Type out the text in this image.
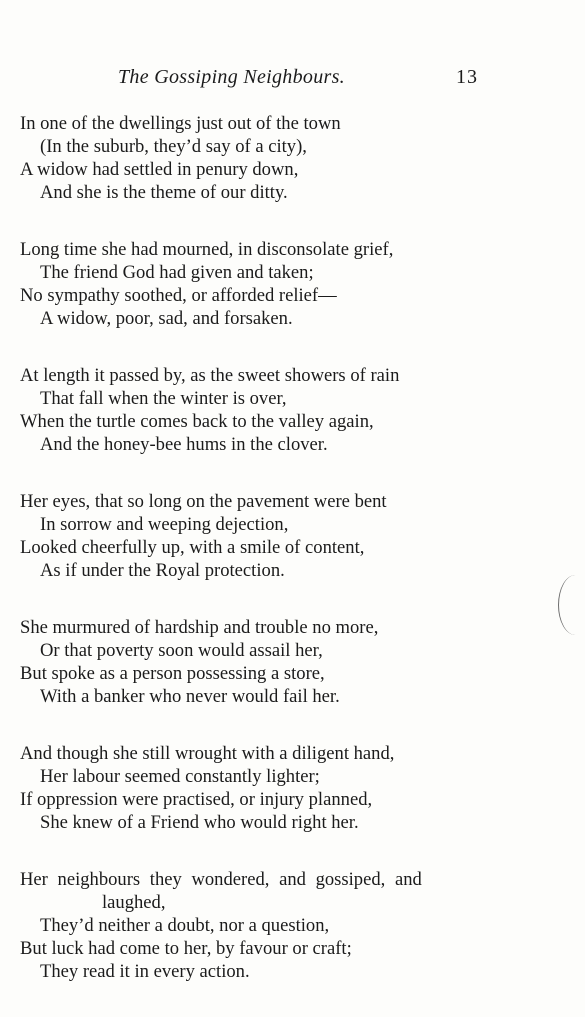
The Gossiping Neighbours.	13
In one of the dwellings just out of the town
(In the suburb, they’d say of a city),
A widow had settled in penury down,
And she is the theme of our ditty.
Long time she had mourned, in disconsolate grief,
The friend God had given and taken;
No sympathy soothed, or afforded relief—
A widow, poor, sad, and forsaken.
At length it passed by, as the sweet showers of rain
That fall when the winter is over,
When the turtle comes back to the valley again,
And the honey-bee hums in the clover.
Her eyes, that so long on the pavement were bent
In sorrow and weeping dejection,
Looked cheerfully up, with a smile of content,
As if under the Royal protection.
She murmured of hardship and trouble no more,
Or that poverty soon would assail her,
But spoke as a person possessing a store,
With a banker who never would fail her.
And though she still wrought with a diligent hand,
Her labour seemed constantly lighter;
If oppression were practised, or injury planned,
She knew of a Friend who would right her.
Her neighbours they wondered, and gossiped, and
laughed,
They’d neither a doubt, nor a question,
But luck had come to her, by favour or craft;
They read it in every action.
